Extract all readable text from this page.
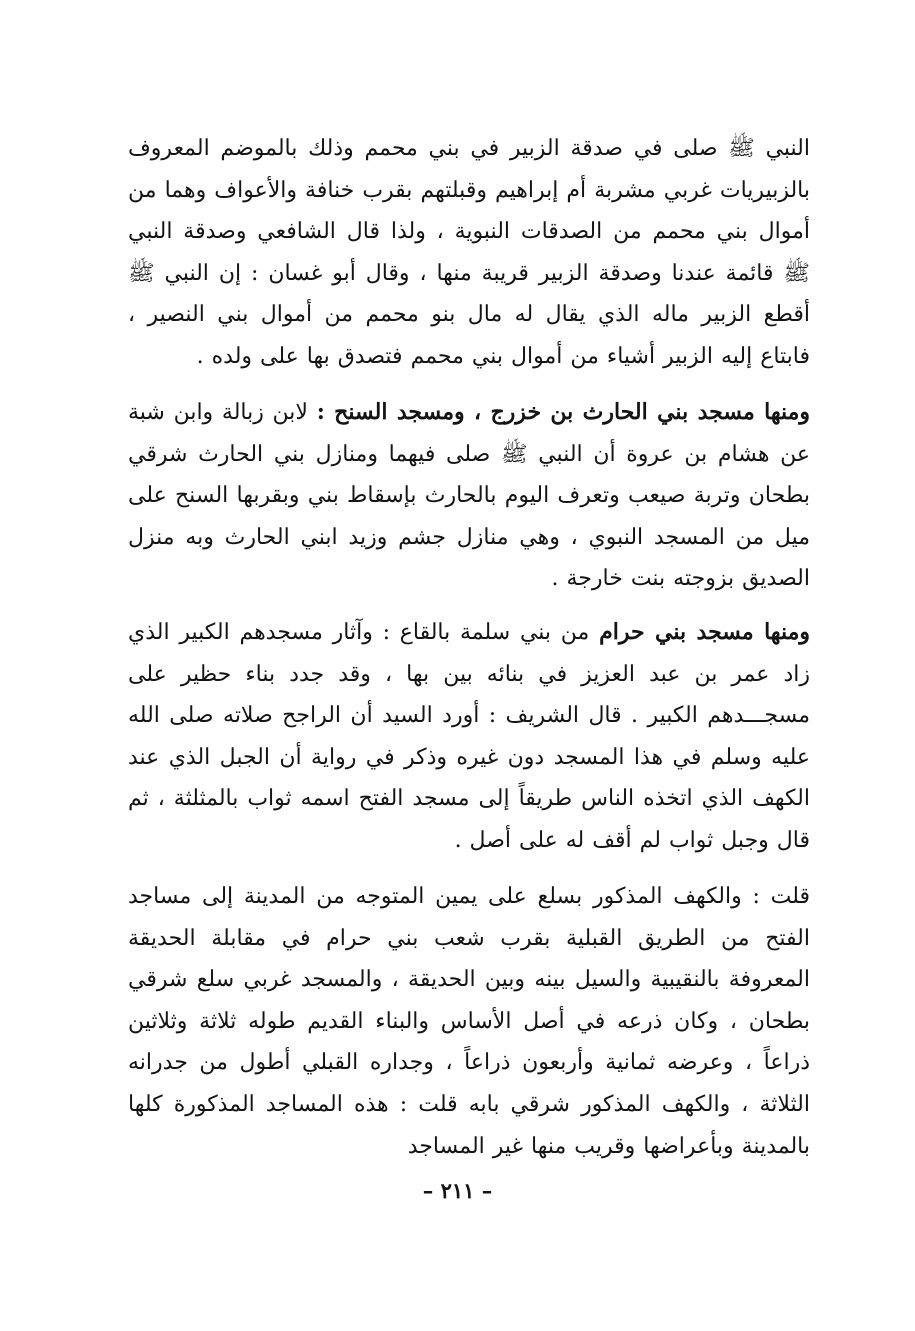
النبي ﷺ صلى في صدقة الزبير في بني محمم وذلك بالموضم المعروف بالزبيريات غربي مشربة أم إبراهيم وقبلتهم بقرب خنافة والأعواف وهما من أموال بني محمم من الصدقات النبوية ، ولذا قال الشافعي وصدقة النبي ﷺ قائمة عندنا وصدقة الزبير قريبة منها ، وقال أبو غسان : إن النبي ﷺ أقطع الزبير ماله الذي يقال له مال بنو محمم من أموال بني النصير ، فابتاع إليه الزبير أشياء من أموال بني محمم فتصدق بها على ولده .

ومنها مسجد بني الحارث بن خزرج ، ومسجد السنح : لابن زبالة وابن شبة عن هشام بن عروة أن النبي ﷺ صلى فيهما ومنازل بني الحارث شرقي بطحان وتربة صيعب وتعرف اليوم بالحارث بإسقاط بني وبقربها السنح على ميل من المسجد النبوي ، وهي منازل جشم وزيد ابني الحارث وبه منزل الصديق بزوجته بنت خارجة .

ومنها مسجد بني حرام من بني سلمة بالقاع : وآثار مسجدهم الكبير الذي زاد عمر بن عبد العزيز في بنائه بين بها ، وقد جدد بناء حظير على مسجـــدهم الكبير . قال الشريف : أورد السيد أن الراجح صلاته صلى الله عليه وسلم في هذا المسجد دون غيره وذكر في رواية أن الجبل الذي عند الكهف الذي اتخذه الناس طريقاً إلى مسجد الفتح اسمه ثواب بالمثلثة ، ثم قال وجبل ثواب لم أقف له على أصل .

قلت : والكهف المذكور بسلع على يمين المتوجه من المدينة إلى مساجد الفتح من الطريق القبلية بقرب شعب بني حرام في مقابلة الحديقة المعروفة بالنقيبية والسيل بينه وبين الحديقة ، والمسجد غربي سلع شرقي بطحان ، وكان ذرعه في أصل الأساس والبناء القديم طوله ثلاثة وثلاثين ذراعاً ، وعرضه ثمانية وأربعون ذراعاً ، وجداره القبلي أطول من جدرانه الثلاثة ، والكهف المذكور شرقي بابه قلت : هذه المساجد المذكورة كلها بالمدينة وبأعراضها وقريب منها غير المساجد

– ٢١١ –
